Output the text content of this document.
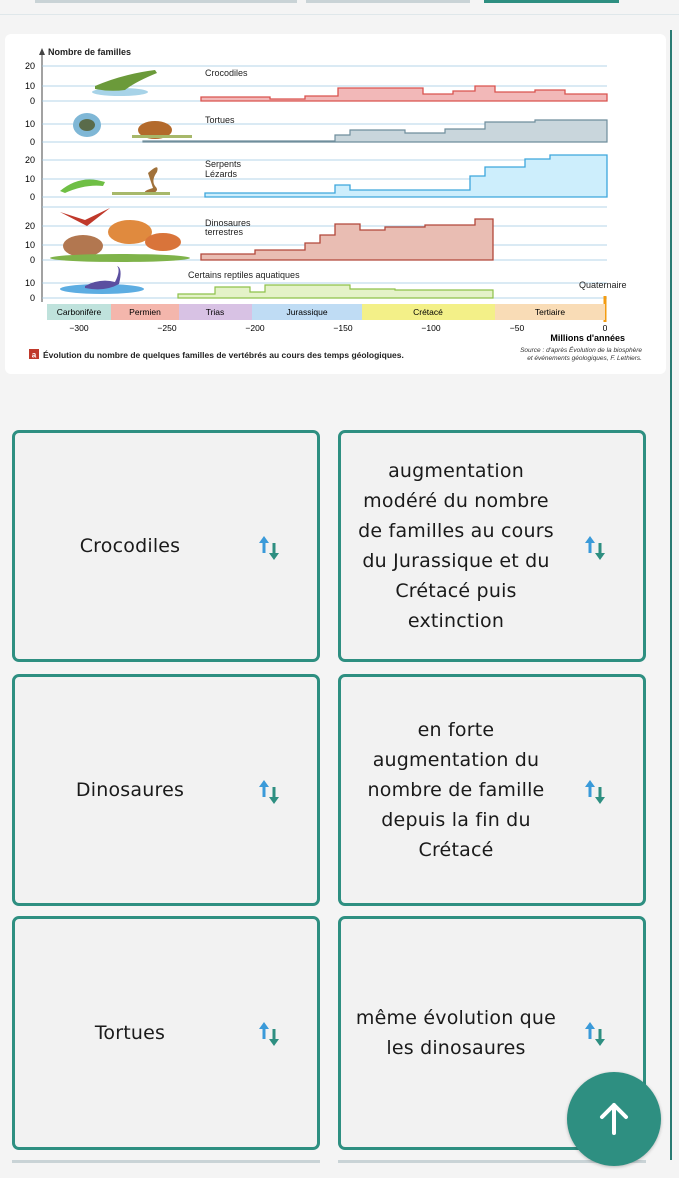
Nombre de familles
20
10
0
10
0
20
10
0
20
10
0
10
0
Crocodiles
Tortues
Serpents
Lézards
Dinosaures
terrestres
Certains reptiles aquatiques
Quaternaire
Carbonifère	Permien	Trias	Jurassique	Crétacé	Tertiaire
−300	−250	−200	−150	−100	−50	0
Millions d'années
a Évolution du nombre de quelques familles de vertébrés au cours des temps géologiques.	Source : d'après Évolution de la biosphère
et événements géologiques, F. Lethiers.
Crocodiles
augmentation modéré du nombre de familles au cours du Jurassique et du Crétacé puis extinction
Dinosaures
en forte augmentation du nombre de famille depuis la fin du Crétacé
Tortues
même évolution que les dinosaures
